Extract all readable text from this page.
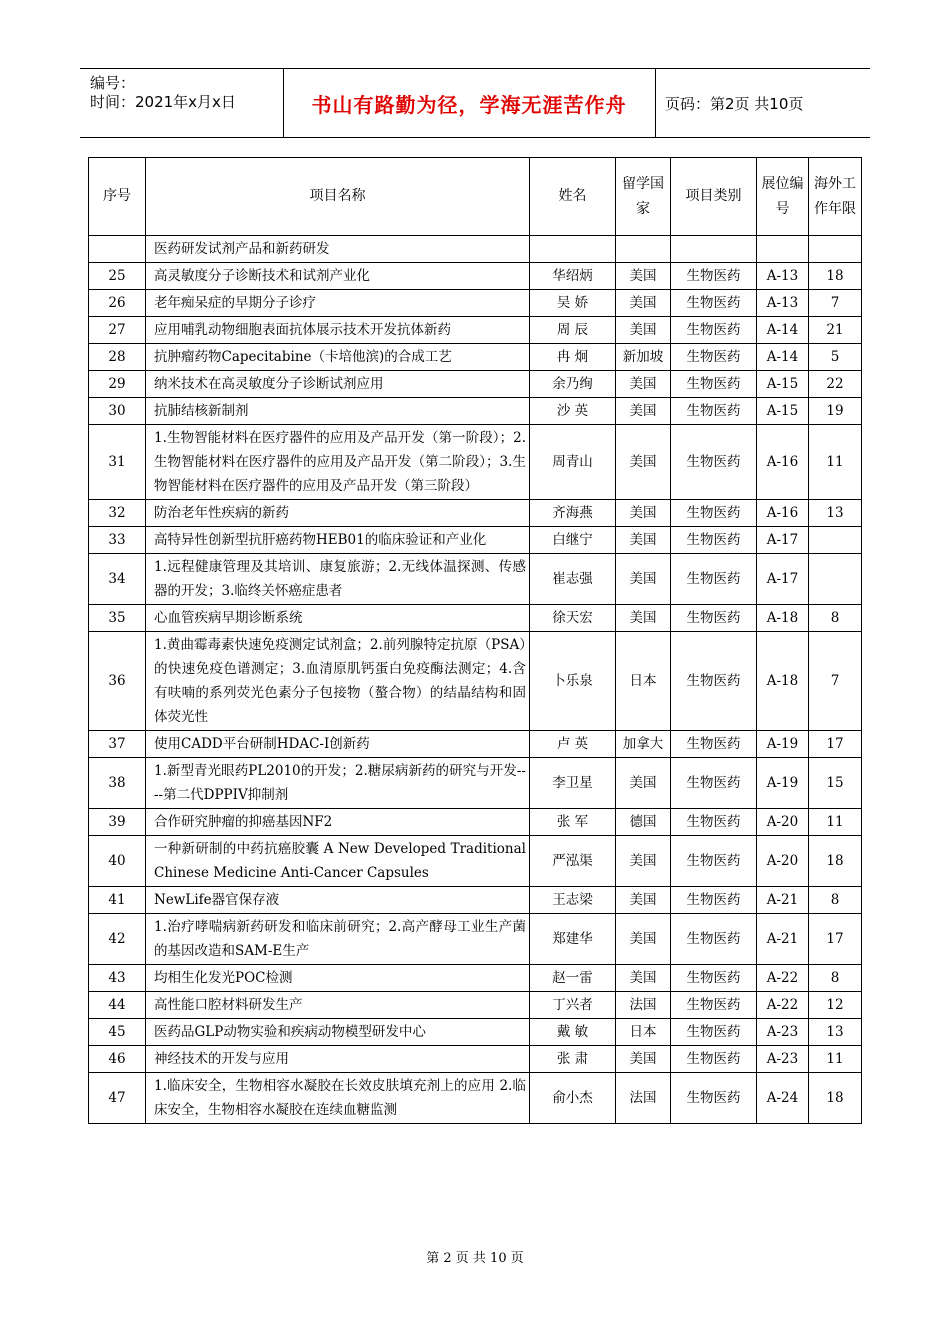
编号：
时间：2021年x月x日	书山有路勤为径，学海无涯苦作舟	页码：第2页 共10页
序号	项目名称	姓名	留学国家	项目类别	展位编号	海外工作年限
	医药研发试剂产品和新药研发					
25	高灵敏度分子诊断技术和试剂产业化	华绍炳	美国	生物医药	A-13	18
26	老年痴呆症的早期分子诊疗	吴 娇	美国	生物医药	A-13	7
27	应用哺乳动物细胞表面抗体展示技术开发抗体新药	周 辰	美国	生物医药	A-14	21
28	抗肿瘤药物Capecitabine（卡培他滨)的合成工艺	冉 炯	新加坡	生物医药	A-14	5
29	纳米技术在高灵敏度分子诊断试剂应用	余乃绚	美国	生物医药	A-15	22
30	抗肺结核新制剂	沙 英	美国	生物医药	A-15	19
31	1.生物智能材料在医疗器件的应用及产品开发（第一阶段）；2.生物智能材料在医疗器件的应用及产品开发（第二阶段）；3.生物智能材料在医疗器件的应用及产品开发（第三阶段）	周青山	美国	生物医药	A-16	11
32	防治老年性疾病的新药	齐海燕	美国	生物医药	A-16	13
33	高特异性创新型抗肝癌药物HEB01的临床验证和产业化	白继宁	美国	生物医药	A-17	
34	1.远程健康管理及其培训、康复旅游；2.无线体温探测、传感器的开发；3.临终关怀癌症患者	崔志强	美国	生物医药	A-17	
35	心血管疾病早期诊断系统	徐天宏	美国	生物医药	A-18	8
36	1.黄曲霉毒素快速免疫测定试剂盒；2.前列腺特定抗原（PSA）的快速免疫色谱测定；3.血清原肌钙蛋白免疫酶法测定；4.含有呋喃的系列荧光色素分子包接物（螯合物）的结晶结构和固体荧光性	卜乐泉	日本	生物医药	A-18	7
37	使用CADD平台研制HDAC-I创新药	卢 英	加拿大	生物医药	A-19	17
38	1.新型青光眼药PL2010的开发；2.糖尿病新药的研究与开发----第二代DPPIV抑制剂	李卫星	美国	生物医药	A-19	15
39	合作研究肿瘤的抑癌基因NF2	张 军	德国	生物医药	A-20	11
40	一种新研制的中药抗癌胶囊 A New Developed Traditional Chinese Medicine Anti-Cancer Capsules	严泓渠	美国	生物医药	A-20	18
41	NewLife器官保存液	王志梁	美国	生物医药	A-21	8
42	1.治疗哮喘病新药研发和临床前研究；2.高产酵母工业生产菌的基因改造和SAM-E生产	郑建华	美国	生物医药	A-21	17
43	均相生化发光POC检测	赵一雷	美国	生物医药	A-22	8
44	高性能口腔材料研发生产	丁兴者	法国	生物医药	A-22	12
45	医药品GLP动物实验和疾病动物模型研发中心	戴 敏	日本	生物医药	A-23	13
46	神经技术的开发与应用	张 肃	美国	生物医药	A-23	11
47	1.临床安全，生物相容水凝胶在长效皮肤填充剂上的应用 2.临床安全，生物相容水凝胶在连续血糖监测	俞小杰	法国	生物医药	A-24	18
第 2 页 共 10 页
